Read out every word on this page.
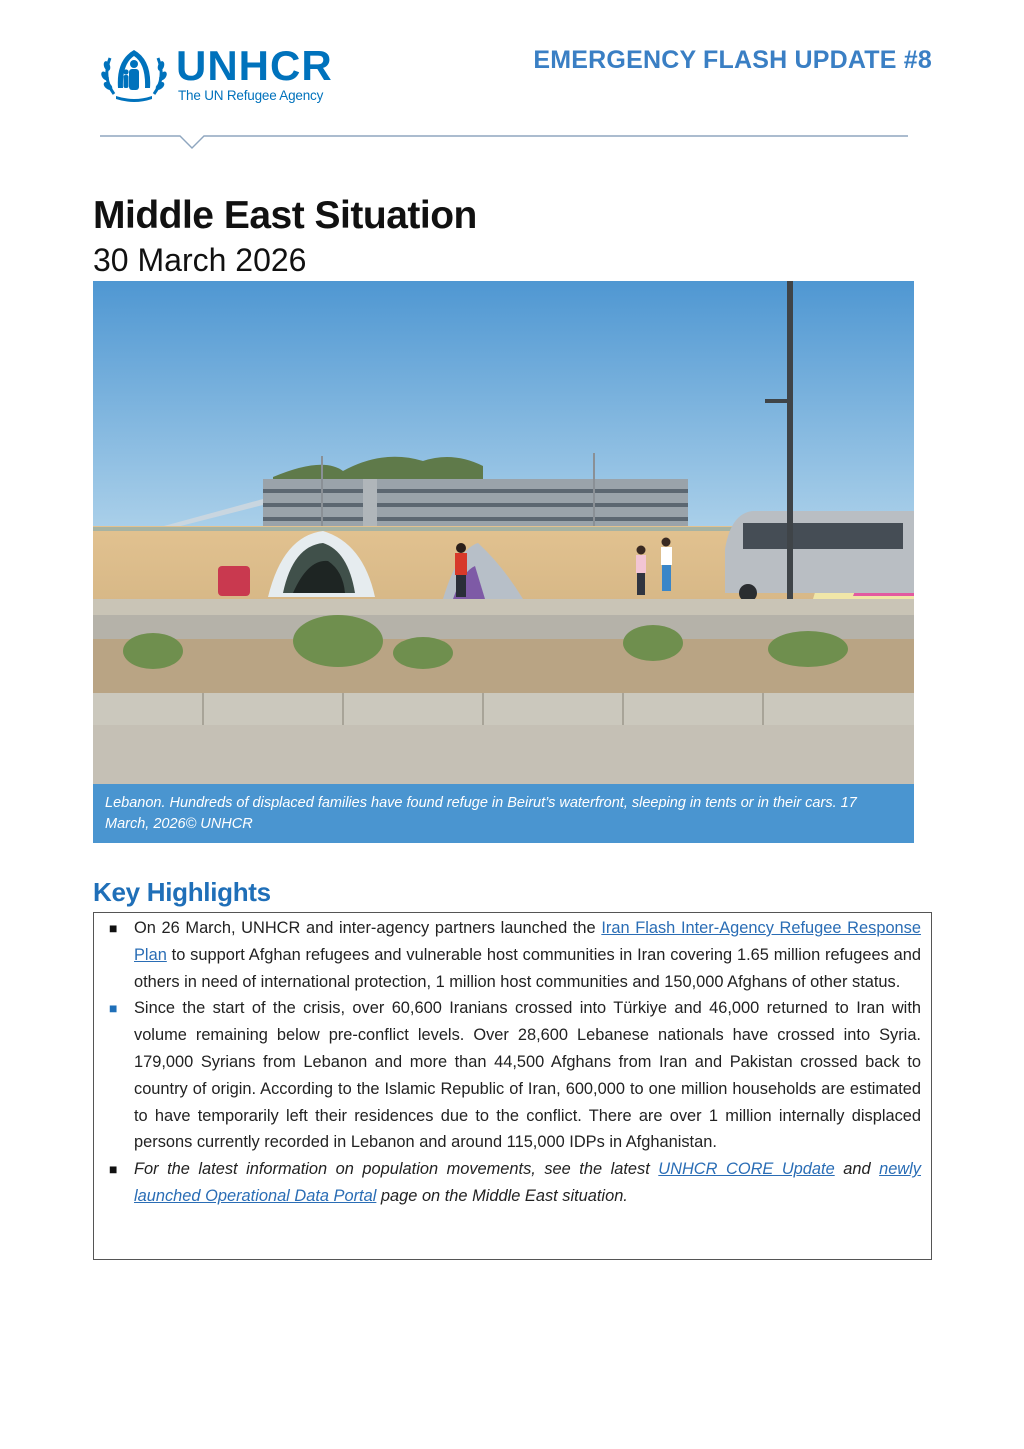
UNHCR
The UN Refugee Agency
EMERGENCY FLASH UPDATE #8
Middle East Situation
30 March 2026
Lebanon. Hundreds of displaced families have found refuge in Beirut’s waterfront, sleeping in tents or in their cars. 17 March, 2026© UNHCR
Key Highlights
■ On 26 March, UNHCR and inter-agency partners launched the Iran Flash Inter-Agency Refugee Response Plan to support Afghan refugees and vulnerable host communities in Iran covering 1.65 million refugees and others in need of international protection, 1 million host communities and 150,000 Afghans of other status.
■ Since the start of the crisis, over 60,600 Iranians crossed into Türkiye and 46,000 returned to Iran with volume remaining below pre-conflict levels. Over 28,600 Lebanese nationals have crossed into Syria. 179,000 Syrians from Lebanon and more than 44,500 Afghans from Iran and Pakistan crossed back to country of origin. According to the Islamic Republic of Iran, 600,000 to one million households are estimated to have temporarily left their residences due to the conflict. There are over 1 million internally displaced persons currently recorded in Lebanon and around 115,000 IDPs in Afghanistan.
■ For the latest information on population movements, see the latest UNHCR CORE Update and newly launched Operational Data Portal page on the Middle East situation.
